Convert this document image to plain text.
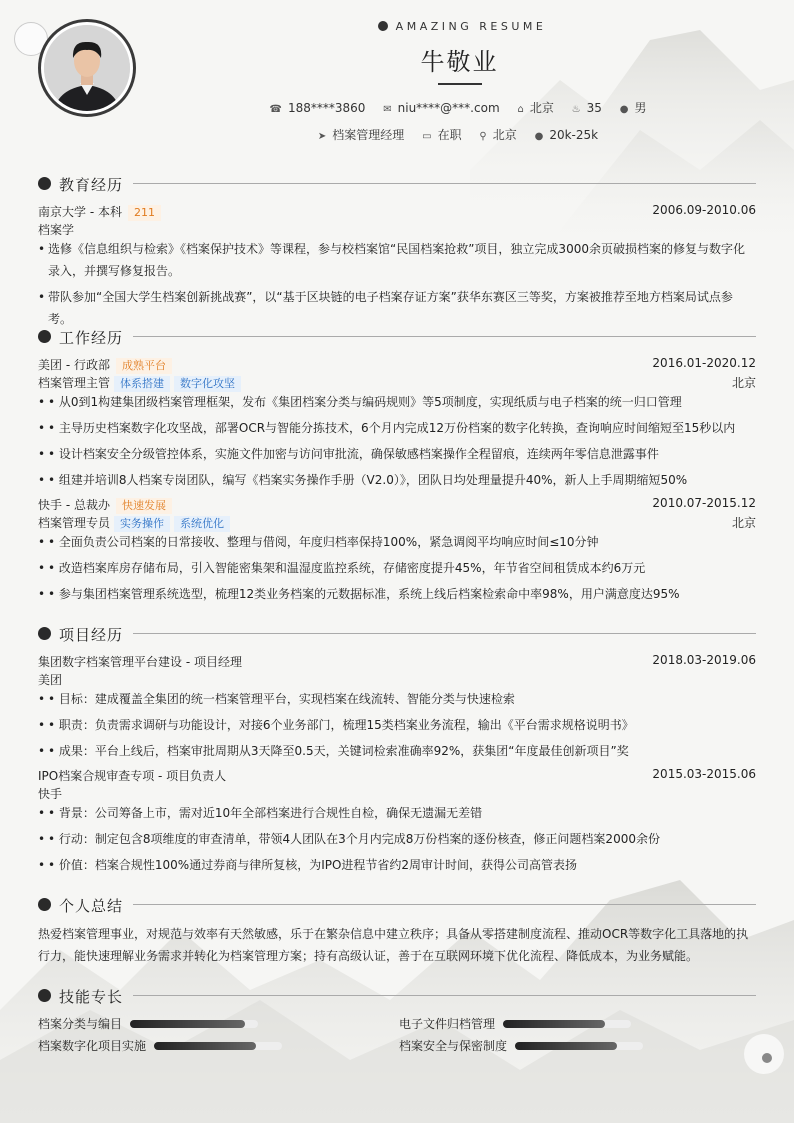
AMAZING RESUME
牛敬业
☎ 188****3860 ✉ niu****@***.com ⌂ 北京 ♨ 35 ● 男
➤ 档案管理经理 ▭ 在职 ⚲ 北京 ● 20k-25k
教育经历
南京大学 - 本科 211	2006.09-2010.06
档案学
• 选修《信息组织与检索》《档案保护技术》等课程，参与校档案馆“民国档案抢救”项目，独立完成3000余页破损档案的修复与数字化
录入，并撰写修复报告。
• 带队参加“全国大学生档案创新挑战赛”，以“基于区块链的电子档案存证方案”获华东赛区三等奖，方案被推荐至地方档案局试点参考。
工作经历
美团 - 行政部 成熟平台	2016.01-2020.12
档案管理主管 体系搭建 数字化攻坚	北京
• • 从0到1构建集团级档案管理框架，发布《集团档案分类与编码规则》等5项制度，实现纸质与电子档案的统一归口管理
• • 主导历史档案数字化攻坚战，部署OCR与智能分拣技术，6个月内完成12万份档案的数字化转换，查询响应时间缩短至15秒以内
• • 设计档案安全分级管控体系，实施文件加密与访问审批流，确保敏感档案操作全程留痕，连续两年零信息泄露事件
• • 组建并培训8人档案专岗团队，编写《档案实务操作手册（V2.0）》，团队日均处理量提升40%，新人上手周期缩短50%
快手 - 总裁办 快速发展	2010.07-2015.12
档案管理专员 实务操作 系统优化	北京
• • 全面负责公司档案的日常接收、整理与借阅，年度归档率保持100%，紧急调阅平均响应时间≤10分钟
• • 改造档案库房存储布局，引入智能密集架和温湿度监控系统，存储密度提升45%，年节省空间租赁成本约6万元
• • 参与集团档案管理系统选型，梳理12类业务档案的元数据标准，系统上线后档案检索命中率98%，用户满意度达95%
项目经历
集团数字档案管理平台建设 - 项目经理	2018.03-2019.06
美团
• • 目标：建成覆盖全集团的统一档案管理平台，实现档案在线流转、智能分类与快速检索
• • 职责：负责需求调研与功能设计，对接6个业务部门，梳理15类档案业务流程，输出《平台需求规格说明书》
• • 成果：平台上线后，档案审批周期从3天降至0.5天，关键词检索准确率92%，获集团“年度最佳创新项目”奖
IPO档案合规审查专项 - 项目负责人	2015.03-2015.06
快手
• • 背景：公司筹备上市，需对近10年全部档案进行合规性自检，确保无遗漏无差错
• • 行动：制定包含8项维度的审查清单，带领4人团队在3个月内完成8万份档案的逐份核查，修正问题档案2000余份
• • 价值：档案合规性100%通过券商与律所复核，为IPO进程节省约2周审计时间，获得公司高管表扬
个人总结
热爱档案管理事业，对规范与效率有天然敏感，乐于在繁杂信息中建立秩序；具备从零搭建制度流程、推动OCR等数字化工具落地的执行力，能快速理解业务需求并转化为档案管理方案；持有高级认证，善于在互联网环境下优化流程、降低成本，为业务赋能。
技能专长
档案分类与编目	电子文件归档管理
档案数字化项目实施	档案安全与保密制度
